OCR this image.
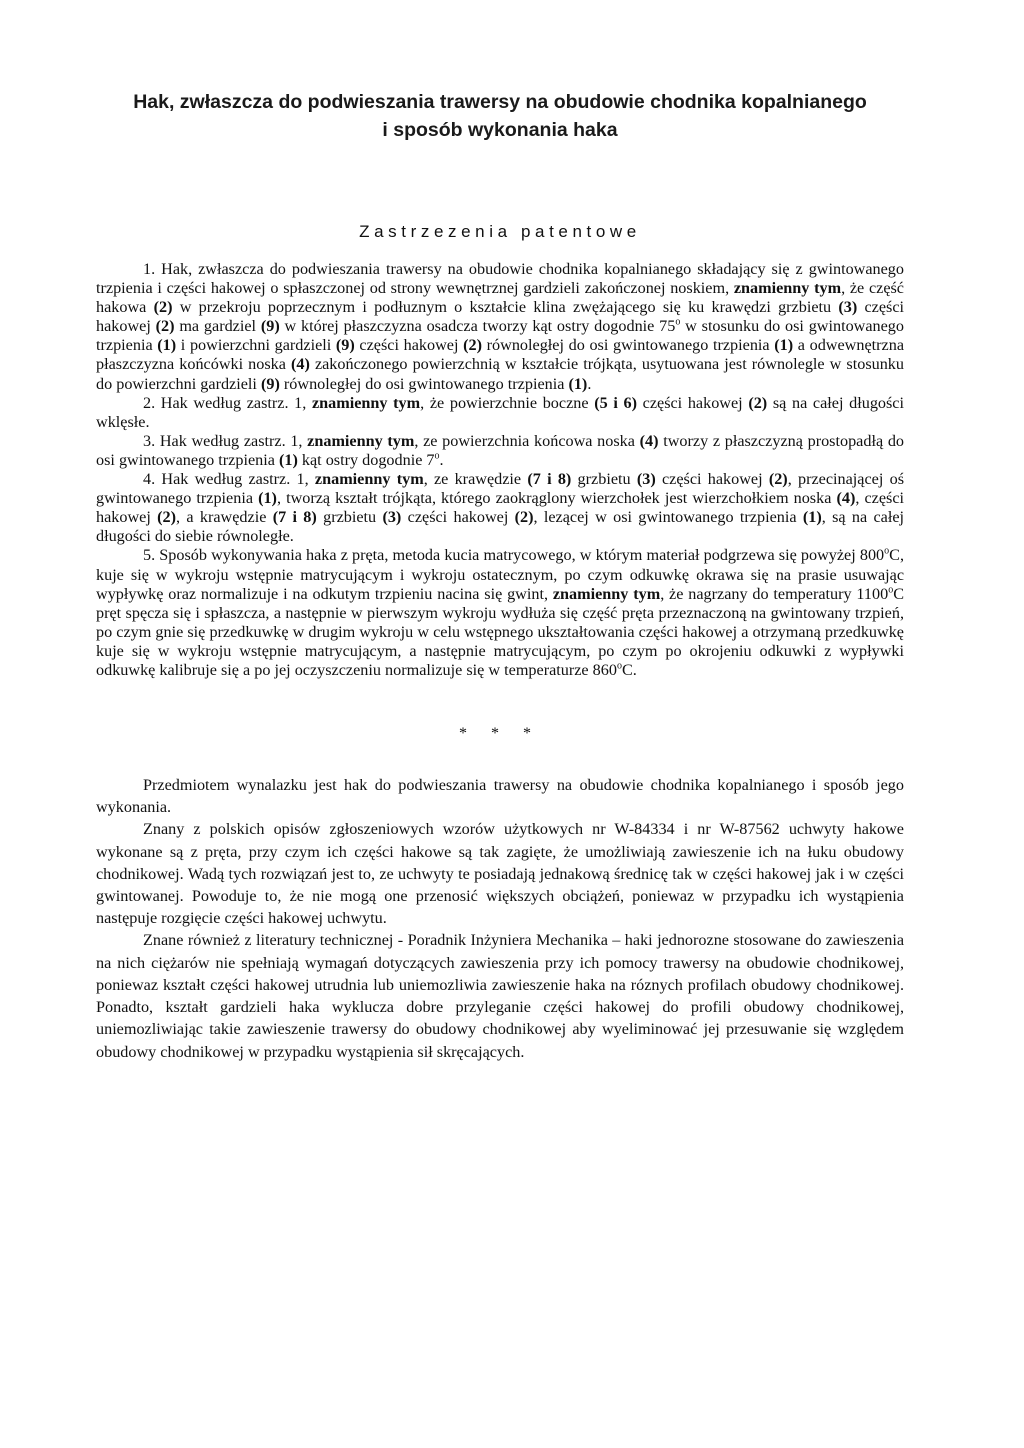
Hak, zwłaszcza do podwieszania trawersy na obudowie chodnika kopalnianego
i sposób wykonania haka
Zastrzezenia patentowe

1. Hak, zwłaszcza do podwieszania trawersy na obudowie chodnika kopalnianego składający się z gwintowanego trzpienia i części hakowej o spłaszczonej od strony wewnętrznej gardzieli zakończonej noskiem, znamienny tym, że część hakowa (2) w przekroju poprzecznym i podłuznym o kształcie klina zwężającego się ku krawędzi grzbietu (3) części hakowej (2) ma gardziel (9) w której płaszczyzna osadcza tworzy kąt ostry dogodnie 75$^o$ w stosunku do osi gwintowanego trzpienia (1) i powierzchni gardzieli (9) części hakowej (2) równoległej do osi gwintowanego trzpienia (1) a odwewnętrzna płaszczyzna końcówki noska (4) zakończonego powierzchnią w kształcie trójkąta, usytuowana jest równolegle w stosunku do powierzchni gardzieli (9) równoległej do osi gwintowanego trzpienia (1).

2. Hak według zastrz. 1, znamienny tym, że powierzchnie boczne (5 i 6) części hakowej (2) są na całej długości wklęsłe.

3. Hak według zastrz. 1, znamienny tym, ze powierzchnia końcowa noska (4) tworzy z płaszczyzną prostopadłą do osi gwintowanego trzpienia (1) kąt ostry dogodnie 7$^o$.

4. Hak według zastrz. 1, znamienny tym, ze krawędzie (7 i 8) grzbietu (3) części hakowej (2), przecinającej oś gwintowanego trzpienia (1), tworzą kształt trójkąta, którego zaokrąglony wierzchołek jest wierzchołkiem noska (4), części hakowej (2), a krawędzie (7 i 8) grzbietu (3) części hakowej (2), lezącej w osi gwintowanego trzpienia (1), są na całej długości do siebie równoległe.

5. Sposób wykonywania haka z pręta, metoda kucia matrycowego, w którym materiał podgrzewa się powyżej 800$^o$C, kuje się w wykroju wstępnie matrycującym i wykroju ostatecznym, po czym odkuwkę okrawa się na prasie usuwając wypływkę oraz normalizuje i na odkutym trzpieniu nacina się gwint, znamienny tym, że nagrzany do temperatury 1100$^o$C pręt spęcza się i spłaszcza, a następnie w pierwszym wykroju wydłuża się część pręta przeznaczoną na gwintowany trzpień, po czym gnie się przedkuwkę w drugim wykroju w celu wstępnego ukształtowania części hakowej a otrzymaną przedkuwkę kuje się w wykroju wstępnie matrycującym, a następnie matrycującym, po czym po okrojeniu odkuwki z wypływki odkuwkę kalibruje się a po jej oczyszczeniu normalizuje się w temperaturze 860$^o$C.

* * *

Przedmiotem wynalazku jest hak do podwieszania trawersy na obudowie chodnika kopalnianego i sposób jego wykonania.

Znany z polskich opisów zgłoszeniowych wzorów użytkowych nr W-84334 i nr W-87562 uchwyty hakowe wykonane są z pręta, przy czym ich części hakowe są tak zagięte, że umożliwiają zawieszenie ich na łuku obudowy chodnikowej. Wadą tych rozwiązań jest to, ze uchwyty te posiadają jednakową średnicę tak w części hakowej jak i w części gwintowanej. Powoduje to, że nie mogą one przenosić większych obciążeń, poniewaz w przypadku ich wystąpienia następuje rozgięcie części hakowej uchwytu.

Znane również z literatury technicznej - Poradnik Inżyniera Mechanika – haki jednorozne stosowane do zawieszenia na nich ciężarów nie spełniają wymagań dotyczących zawieszenia przy ich pomocy trawersy na obudowie chodnikowej, poniewaz kształt części hakowej utrudnia lub uniemozliwia zawieszenie haka na róznych profilach obudowy chodnikowej. Ponadto, kształt gardzieli haka wyklucza dobre przyleganie części hakowej do profili obudowy chodnikowej, uniemozliwiając takie zawieszenie trawersy do obudowy chodnikowej aby wyeliminować jej przesuwanie się względem obudowy chodnikowej w przypadku wystąpienia sił skręcających.
